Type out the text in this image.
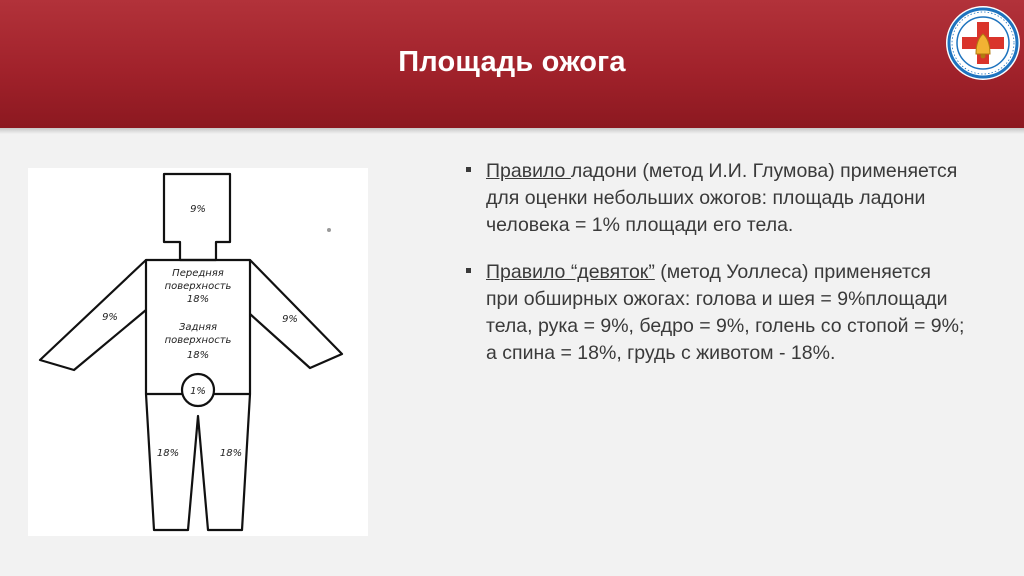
Площадь ожога
9%
Передняя
поверхность
18%
Задняя
поверхность
18%
9%	9%
1%
18%	18%
Правило ладони (метод И.И. Глумова) применяется для оценки небольших ожогов: площадь ладони человека = 1% площади его тела.
Правило “девяток” (метод Уоллеса) применяется при обширных ожогах: голова и шея = 9%площади тела, рука = 9%, бедро = 9%, голень со стопой = 9%; а спина = 18%, грудь с животом - 18%.
